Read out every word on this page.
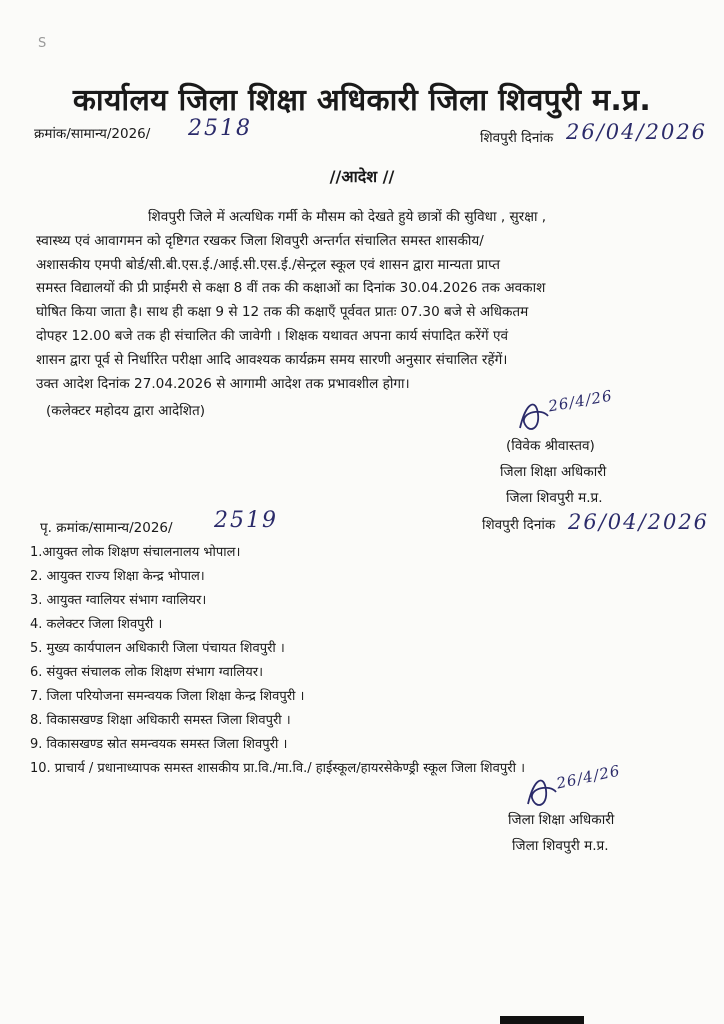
S
कार्यालय जिला शिक्षा अधिकारी जिला शिवपुरी म.प्र.
क्रमांक/सामान्य/2026/ 2518	शिवपुरी दिनांक 26/04/2026
//आदेश //
शिवपुरी जिले में अत्यधिक गर्मी के मौसम को देखते हुये छात्रों की सुविधा , सुरक्षा ,
स्वास्थ्य एवं आवागमन को दृष्टिगत रखकर जिला शिवपुरी अन्तर्गत संचालित समस्त शासकीय/
अशासकीय एमपी बोर्ड/सी.बी.एस.ई./आई.सी.एस.ई./सेन्ट्रल स्कूल एवं शासन द्वारा मान्यता प्राप्त
समस्त विद्यालयों की प्री प्राईमरी से कक्षा 8 वीं तक की कक्षाओं का दिनांक 30.04.2026 तक अवकाश
घोषित किया जाता है। साथ ही कक्षा 9 से 12 तक की कक्षाएँ पूर्ववत प्रातः 07.30 बजे से अधिकतम
दोपहर 12.00 बजे तक ही संचालित की जावेगी । शिक्षक यथावत अपना कार्य संपादित करेंगें एवं
शासन द्वारा पूर्व से निर्धारित परीक्षा आदि आवश्यक कार्यक्रम समय सारणी अनुसार संचालित रहेंगें।
उक्त आदेश दिनांक 27.04.2026 से आगामी आदेश तक प्रभावशील होगा।
(कलेक्टर महोदय द्वारा आदेशित)	26/4/26
(विवेक श्रीवास्तव)
जिला शिक्षा अधिकारी
जिला शिवपुरी म.प्र.
पृ. क्रमांक/सामान्य/2026/ 2519	शिवपुरी दिनांक 26/04/2026
1.आयुक्त लोक शिक्षण संचालनालय भोपाल।
2. आयुक्त राज्य शिक्षा केन्द्र भोपाल।
3. आयुक्त ग्वालियर संभाग ग्वालियर।
4. कलेक्टर जिला शिवपुरी ।
5. मुख्य कार्यपालन अधिकारी जिला पंचायत शिवपुरी ।
6. संयुक्त संचालक लोक शिक्षण संभाग ग्वालियर।
7. जिला परियोजना समन्वयक जिला शिक्षा केन्द्र शिवपुरी ।
8. विकासखण्ड शिक्षा अधिकारी समस्त जिला शिवपुरी ।
9. विकासखण्ड स्रोत समन्वयक समस्त जिला शिवपुरी ।
10. प्राचार्य / प्रधानाध्यापक समस्त शासकीय प्रा.वि./मा.वि./ हाईस्कूल/हायरसेकेण्ड्री स्कूल जिला शिवपुरी । 26/4/26
जिला शिक्षा अधिकारी
जिला शिवपुरी म.प्र.
